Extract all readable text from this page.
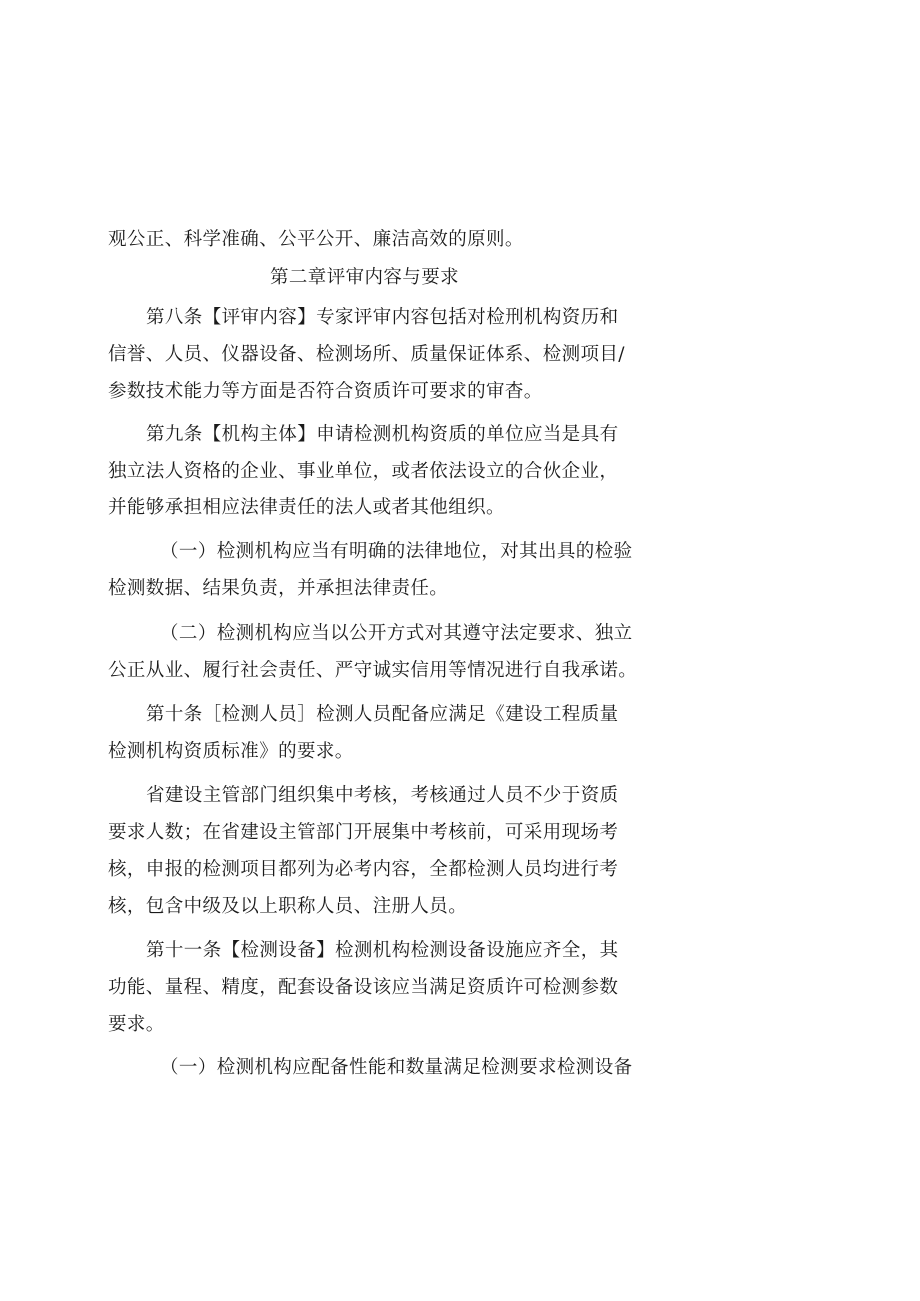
观公正、科学准确、公平公开、廉洁高效的原则。
第二章评审内容与要求
第八条【评审内容】专家评审内容包括对检刑机构资历和
信誉、人员、仪器设备、检测场所、质量保证体系、检测项目/
参数技术能力等方面是否符合资质许可要求的审杳。
第九条【机构主体】申请检测机构资质的单位应当是具有
独立法人资格的企业、事业单位，或者依法设立的合伙企业，
并能够承担相应法律责任的法人或者其他组织。
（一）检测机构应当有明确的法律地位，对其出具的检验
检测数据、结果负责，并承担法律责任。
（二）检测机构应当以公开方式对其遵守法定要求、独立
公正从业、履行社会责任、严守诚实信用等情况进行自我承诺。
第十条［检测人员］检测人员配备应满足《建设工程质量
检测机构资质标准》的要求。
省建设主管部门组织集中考核，考核通过人员不少于资质
要求人数；在省建设主管部门开展集中考核前，可采用现场考
核，申报的检测项目都列为必考内容，全都检测人员均进行考
核，包含中级及以上职称人员、注册人员。
第十一条【检测设备】检测机构检测设备设施应齐全，其
功能、量程、精度，配套设备设该应当满足资质许可检测参数
要求。
（一）检测机构应配备性能和数量满足检测要求检测设备
